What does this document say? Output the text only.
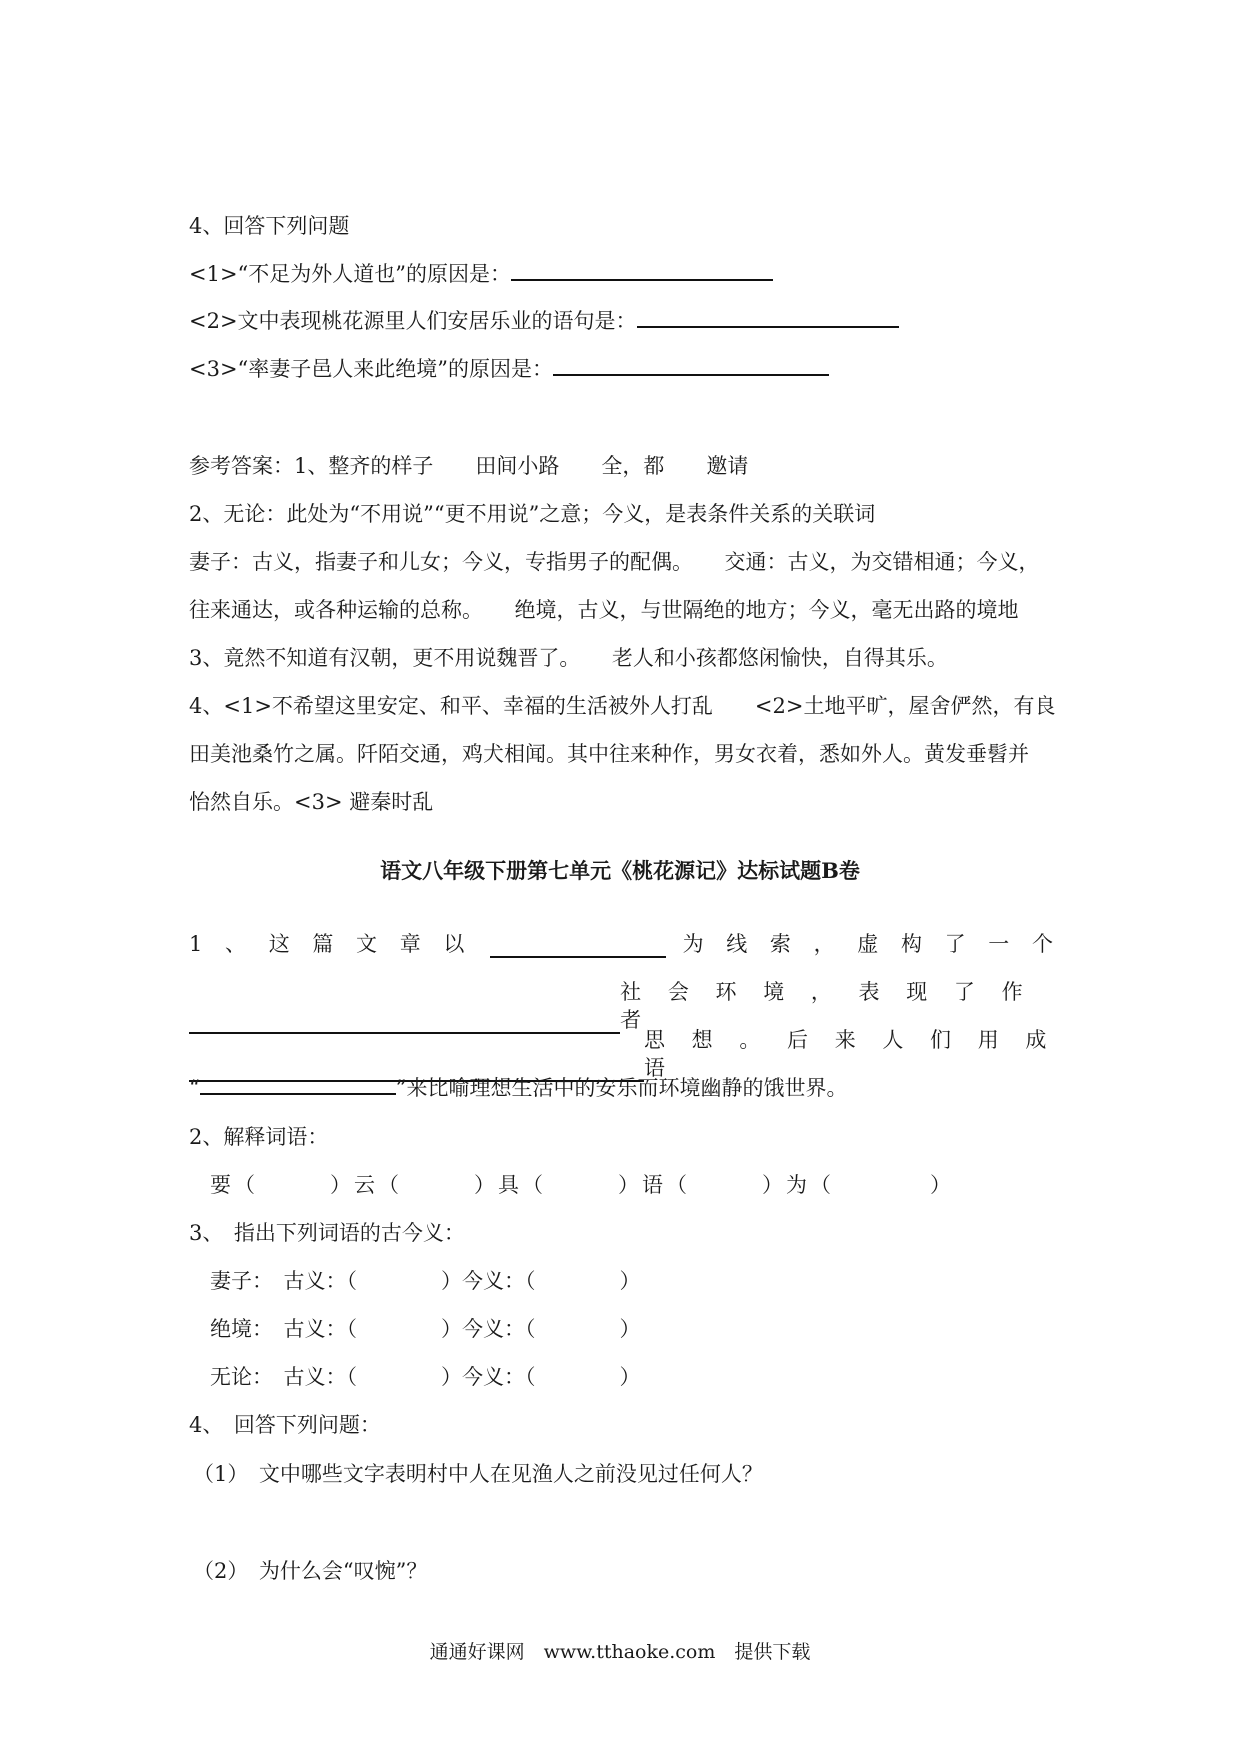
4、回答下列问题
<1>“不足为外人道也”的原因是：
<2>文中表现桃花源里人们安居乐业的语句是：
<3>“率妻子邑人来此绝境”的原因是：
参考答案：1、整齐的样子　　田间小路　　全，都　　邀请
2、无论：此处为“不用说”“更不用说”之意；今义，是表条件关系的关联词
妻子：古义，指妻子和儿女；今义，专指男子的配偶。　　交通：古义，为交错相通；今义，
往来通达，或各种运输的总称。　　绝境，古义，与世隔绝的地方；今义，毫无出路的境地
3、竟然不知道有汉朝，更不用说魏晋了。　　老人和小孩都悠闲愉快，自得其乐。
4、<1>不希望这里安定、和平、幸福的生活被外人打乱　　<2>土地平旷，屋舍俨然，有良
田美池桑竹之属。阡陌交通，鸡犬相闻。其中往来种作，男女衣着，悉如外人。黄发垂髫并
怡然自乐。<3> 避秦时乱
语文八年级下册第七单元《桃花源记》达标试题B卷
1 、 这 篇 文 章 以	为 线 索 ， 虚 构 了 一 个
社 会 环 境 ， 表 现 了 作 者
思 想 。 后 来 人 们 用 成 语
“	”来比喻理想生活中的安乐而环境幽静的饿世界。
2、解释词语：
要（　　　）云（　　　）具（　　　）语（　　　）为（　　　　）
3、　指出下列词语的古今义：
妻子：　古义：（　　　　）今义：（　　　　）
绝境：　古义：（　　　　）今义：（　　　　）
无论：　古义：（　　　　）今义：（　　　　）
4、　回答下列问题：
（1）　文中哪些文字表明村中人在见渔人之前没见过任何人？
（2）　为什么会“叹惋”？
通通好课网　www.tthaoke.com　提供下载
